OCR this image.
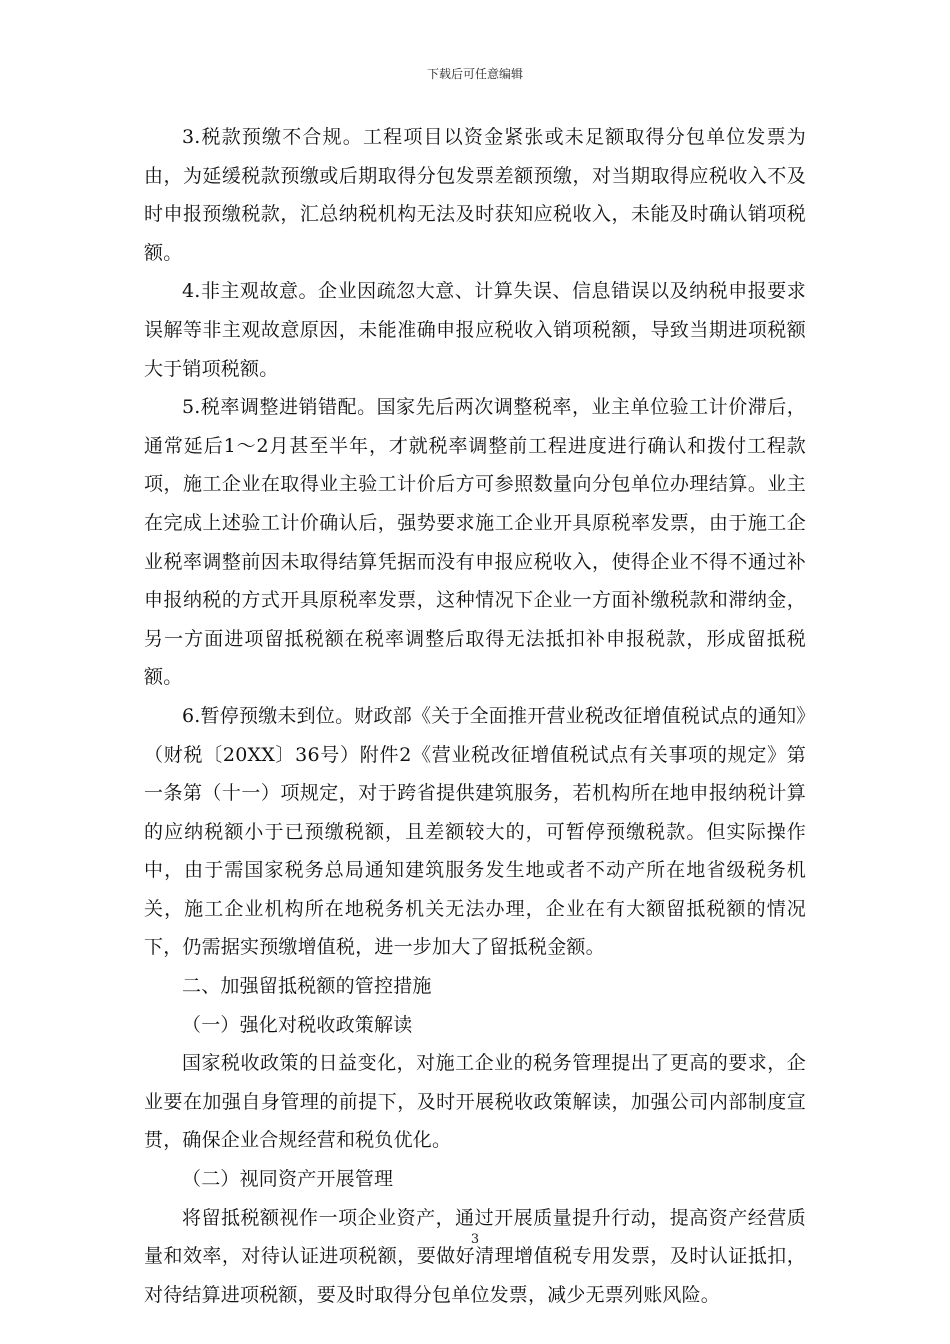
下载后可任意编辑

3.税款预缴不合规。工程项目以资金紧张或未足额取得分包单位发票为由，为延缓税款预缴或后期取得分包发票差额预缴，对当期取得应税收入不及时申报预缴税款，汇总纳税机构无法及时获知应税收入，未能及时确认销项税额。

4.非主观故意。企业因疏忽大意、计算失误、信息错误以及纳税申报要求误解等非主观故意原因，未能准确申报应税收入销项税额，导致当期进项税额大于销项税额。

5.税率调整进销错配。国家先后两次调整税率，业主单位验工计价滞后，通常延后1～2月甚至半年，才就税率调整前工程进度进行确认和拨付工程款项，施工企业在取得业主验工计价后方可参照数量向分包单位办理结算。业主在完成上述验工计价确认后，强势要求施工企业开具原税率发票，由于施工企业税率调整前因未取得结算凭据而没有申报应税收入，使得企业不得不通过补申报纳税的方式开具原税率发票，这种情况下企业一方面补缴税款和滞纳金，另一方面进项留抵税额在税率调整后取得无法抵扣补申报税款，形成留抵税额。

6.暂停预缴未到位。财政部《关于全面推开营业税改征增值税试点的通知》（财税〔20XX〕36号）附件2《营业税改征增值税试点有关事项的规定》第一条第（十一）项规定，对于跨省提供建筑服务，若机构所在地申报纳税计算的应纳税额小于已预缴税额，且差额较大的，可暂停预缴税款。但实际操作中，由于需国家税务总局通知建筑服务发生地或者不动产所在地省级税务机关，施工企业机构所在地税务机关无法办理，企业在有大额留抵税额的情况下，仍需据实预缴增值税，进一步加大了留抵税金额。

二、加强留抵税额的管控措施

（一）强化对税收政策解读

国家税收政策的日益变化，对施工企业的税务管理提出了更高的要求，企业要在加强自身管理的前提下，及时开展税收政策解读，加强公司内部制度宣贯，确保企业合规经营和税负优化。

（二）视同资产开展管理

将留抵税额视作一项企业资产，通过开展质量提升行动，提高资产经营质量和效率，对待认证进项税额，要做好清理增值税专用发票，及时认证抵扣，对待结算进项税额，要及时取得分包单位发票，减少无票列账风险。

3
